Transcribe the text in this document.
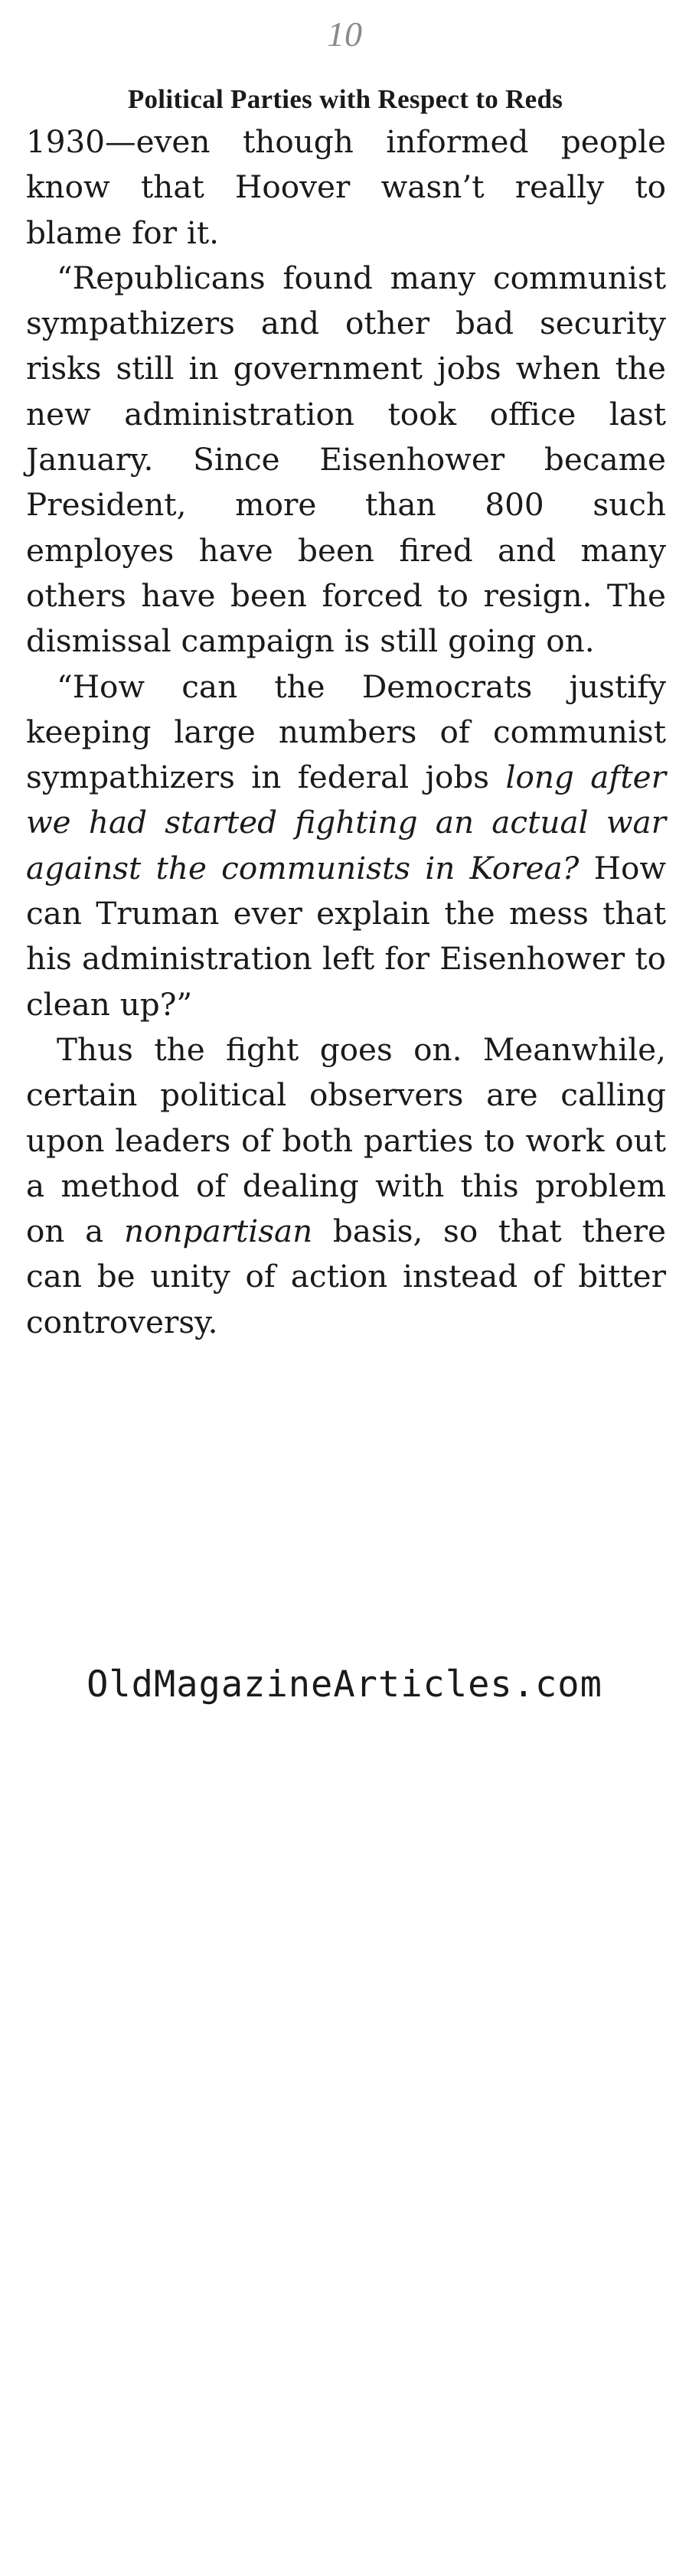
10
Political Parties with Respect to Reds

1930—even though informed people know that Hoover wasn’t really to blame for it.

“Republicans found many communist sympathizers and other bad security risks still in government jobs when the new administration took office last January. Since Eisenhower became President, more than 800 such employes have been fired and many others have been forced to resign. The dismissal campaign is still going on.

“How can the Democrats justify keeping large numbers of communist sympathizers in federal jobs long after we had started fighting an actual war against the communists in Korea? How can Truman ever explain the mess that his administration left for Eisenhower to clean up?”

Thus the fight goes on. Meanwhile, certain political observers are calling upon leaders of both parties to work out a method of dealing with this problem on a nonpartisan basis, so that there can be unity of action instead of bitter controversy.

OldMagazineArticles.com
